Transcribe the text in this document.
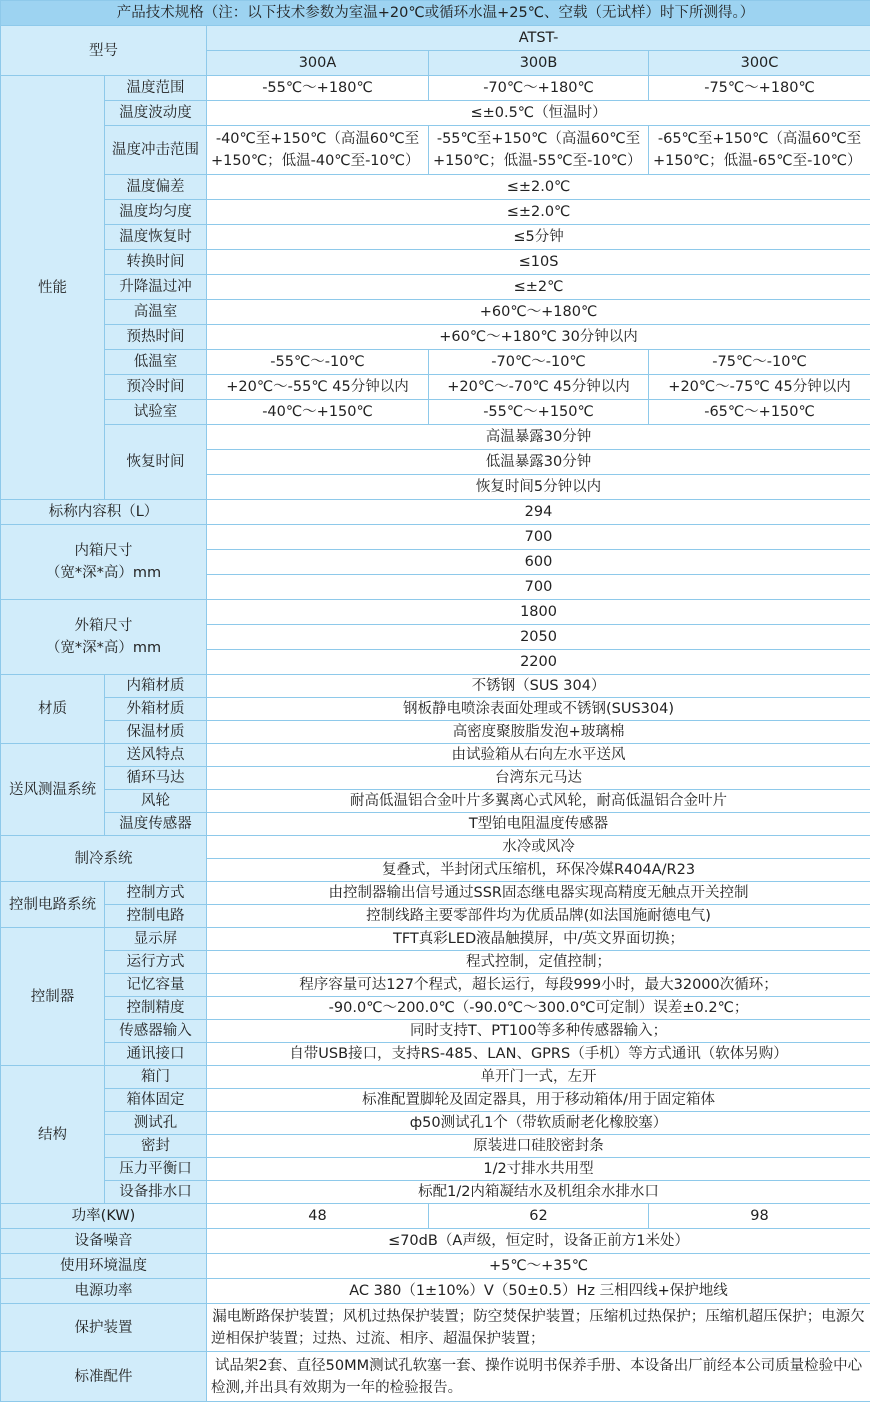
产品技术规格（注：以下技术参数为室温+20℃或循环水温+25℃、空载（无试样）时下所测得。）				
型号		ATST-		
		300A	300B	300C
性能	温度范围	-55℃～+180℃	-70℃～+180℃	-75℃～+180℃
	温度波动度	≤±0.5℃（恒温时）		
	温度冲击范围	-40℃至+150℃（高温60℃至+150℃；低温-40℃至-10℃）	-55℃至+150℃（高温60℃至+150℃；低温-55℃至-10℃）	-65℃至+150℃（高温60℃至+150℃；低温-65℃至-10℃）
	温度偏差	≤±2.0℃		
	温度均匀度	≤±2.0℃		
	温度恢复时	≤5分钟		
	转换时间	≤10S		
	升降温过冲	≤±2℃		
	高温室	+60℃～+180℃		
	预热时间	+60℃～+180℃ 30分钟以内		
	低温室	-55℃～-10℃	-70℃～-10℃	-75℃～-10℃
	预冷时间	+20℃～-55℃ 45分钟以内	+20℃～-70℃ 45分钟以内	+20℃～-75℃ 45分钟以内
	试验室	-40℃～+150℃	-55℃～+150℃	-65℃～+150℃
	恢复时间	高温暴露30分钟		
		低温暴露30分钟		
		恢复时间5分钟以内		
标称内容积（L）		294		

内箱尺寸
（宽*深*高）mm		700		
		600		
		700		

外箱尺寸
（宽*深*高）mm		1800		
		2050		
		2200		
材质	内箱材质	不锈钢（SUS 304）		
	外箱材质	钢板静电喷涂表面处理或不锈钢(SUS304)		
	保温材质	高密度聚胺脂发泡+玻璃棉		
送风测温系统	送风特点	由试验箱从右向左水平送风		
	循环马达	台湾东元马达		
	风轮	耐高低温铝合金叶片多翼离心式风轮，耐高低温铝合金叶片		
	温度传感器	T型铂电阻温度传感器		
制冷系统		水冷或风冷		
		复叠式，半封闭式压缩机，环保冷媒R404A/R23		
控制电路系统	控制方式	由控制器输出信号通过SSR固态继电器实现高精度无触点开关控制		
	控制电路	控制线路主要零部件均为优质品牌(如法国施耐德电气)		
控制器	显示屏	TFT真彩LED液晶触摸屏，中/英文界面切换；		
	运行方式	程式控制，定值控制；		
	记忆容量	程序容量可达127个程式，超长运行，每段999小时，最大32000次循环；		
	控制精度	-90.0℃～200.0℃（-90.0℃～300.0℃可定制）误差±0.2℃；		
	传感器输入	同时支持T、PT100等多种传感器输入；		
	通讯接口	自带USB接口，支持RS-485、LAN、GPRS（手机）等方式通讯（软体另购）		
结构	箱门	单开门一式，左开		
	箱体固定	标准配置脚轮及固定器具，用于移动箱体/用于固定箱体		
	测试孔	ф50测试孔1个（带软质耐老化橡胶塞）		
	密封	原装进口硅胶密封条		
	压力平衡口	1/2寸排水共用型		
	设备排水口	标配1/2内箱凝结水及机组余水排水口		
功率(KW)		48	62	98
设备噪音		≤70dB（A声级，恒定时，设备正前方1米处）		
使用环境温度		+5℃～+35℃		
电源功率		AC 380（1±10%）V（50±0.5）Hz 三相四线+保护地线		
保护装置		漏电断路保护装置；风机过热保护装置；防空焚保护装置；压缩机过热保护；压缩机超压保护；电源欠逆相保护装置；过热、过流、相序、超温保护装置；		
标准配件		试品架2套、直径50MM测试孔软塞一套、操作说明书保养手册、本设备出厂前经本公司质量检验中心检测,并出具有效期为一年的检验报告。		
